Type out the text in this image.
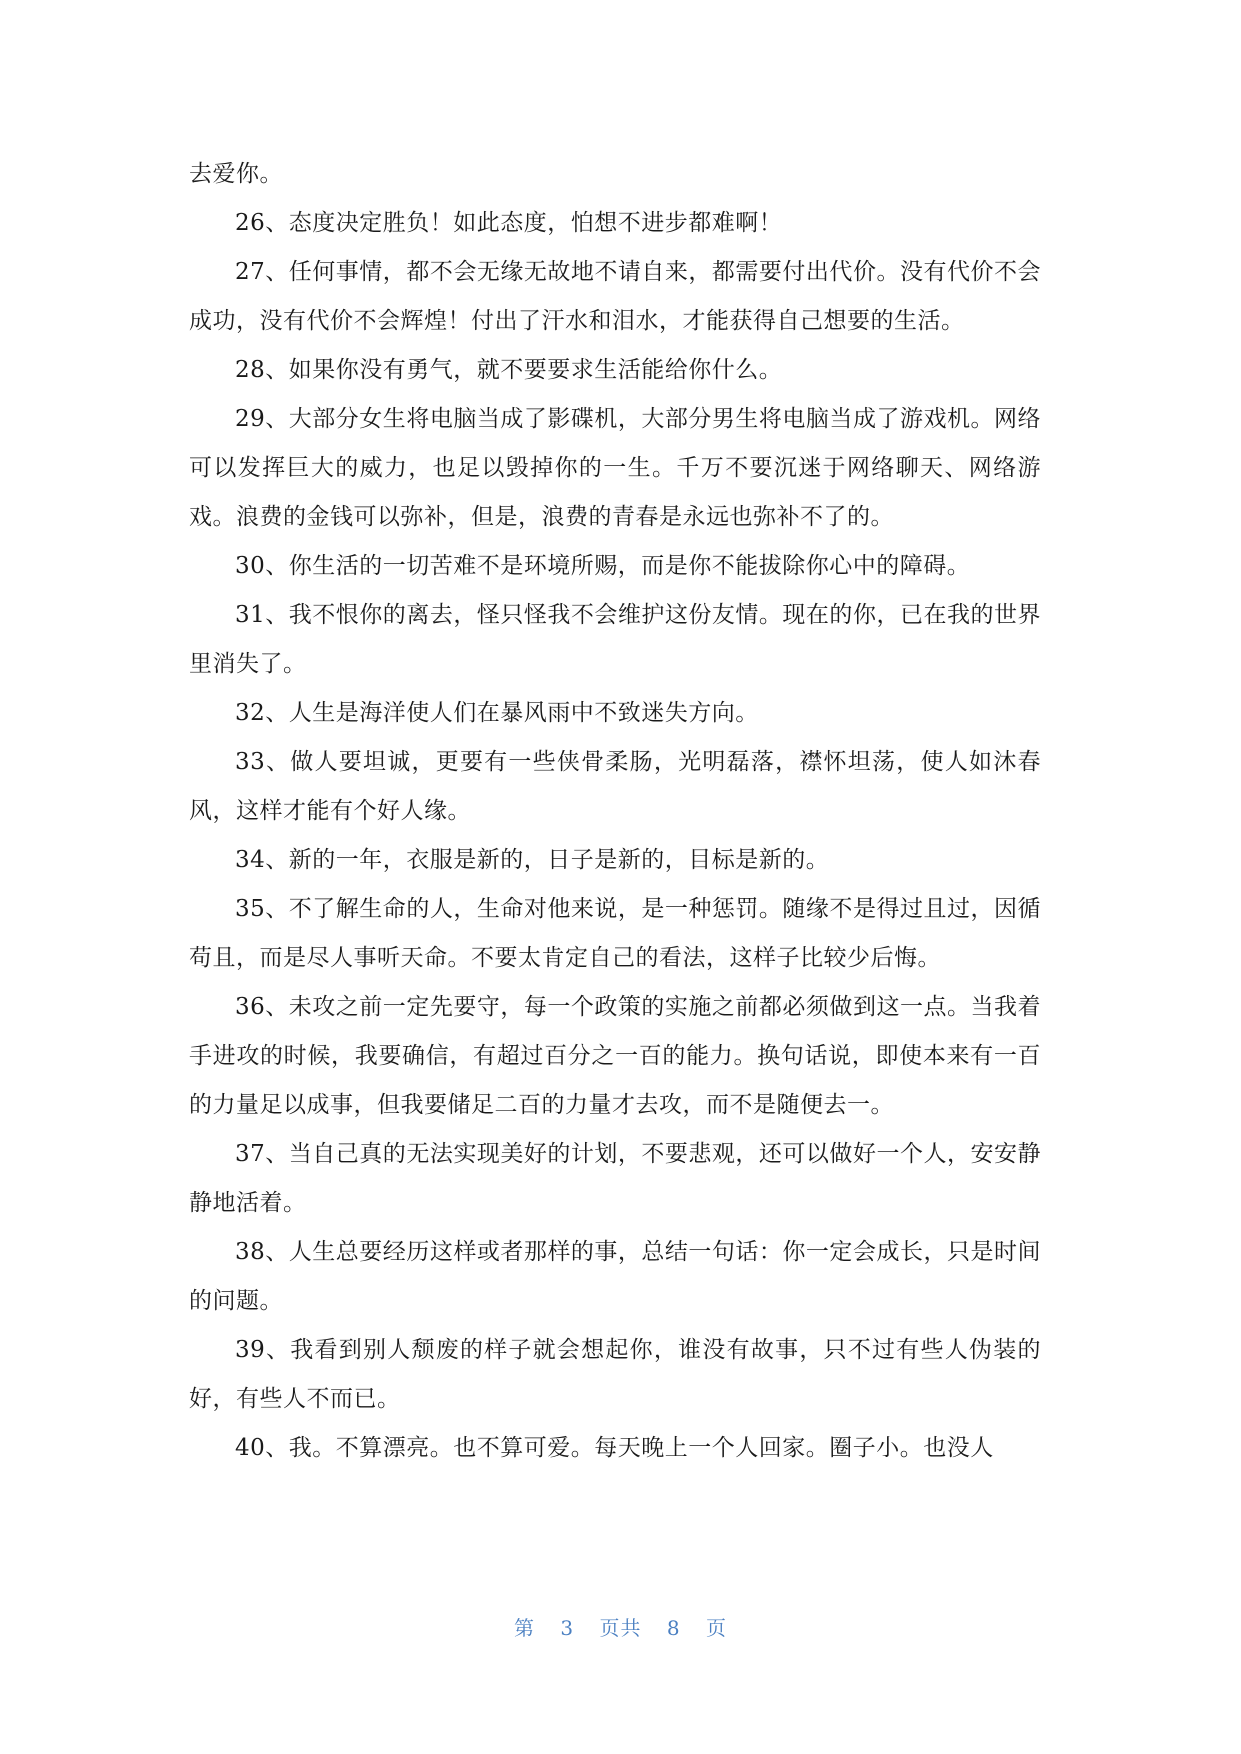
去爱你。

26、态度决定胜负！如此态度，怕想不进步都难啊！

27、任何事情，都不会无缘无故地不请自来，都需要付出代价。没有代价不会成功，没有代价不会辉煌！付出了汗水和泪水，才能获得自己想要的生活。

28、如果你没有勇气，就不要要求生活能给你什么。

29、大部分女生将电脑当成了影碟机，大部分男生将电脑当成了游戏机。网络可以发挥巨大的威力，也足以毁掉你的一生。千万不要沉迷于网络聊天、网络游戏。浪费的金钱可以弥补，但是，浪费的青春是永远也弥补不了的。

30、你生活的一切苦难不是环境所赐，而是你不能拔除你心中的障碍。

31、我不恨你的离去，怪只怪我不会维护这份友情。现在的你，已在我的世界里消失了。

32、人生是海洋使人们在暴风雨中不致迷失方向。

33、做人要坦诚，更要有一些侠骨柔肠，光明磊落，襟怀坦荡，使人如沐春风，这样才能有个好人缘。

34、新的一年，衣服是新的，日子是新的，目标是新的。

35、不了解生命的人，生命对他来说，是一种惩罚。随缘不是得过且过，因循苟且，而是尽人事听天命。不要太肯定自己的看法，这样子比较少后悔。

36、未攻之前一定先要守，每一个政策的实施之前都必须做到这一点。当我着手进攻的时候，我要确信，有超过百分之一百的能力。换句话说，即使本来有一百的力量足以成事，但我要储足二百的力量才去攻，而不是随便去一。

37、当自己真的无法实现美好的计划，不要悲观，还可以做好一个人，安安静静地活着。

38、人生总要经历这样或者那样的事，总结一句话：你一定会成长，只是时间的问题。

39、我看到别人颓废的样子就会想起你，谁没有故事，只不过有些人伪装的好，有些人不而已。

40、我。不算漂亮。也不算可爱。每天晚上一个人回家。圈子小。也没人

第 3 页共 8 页
